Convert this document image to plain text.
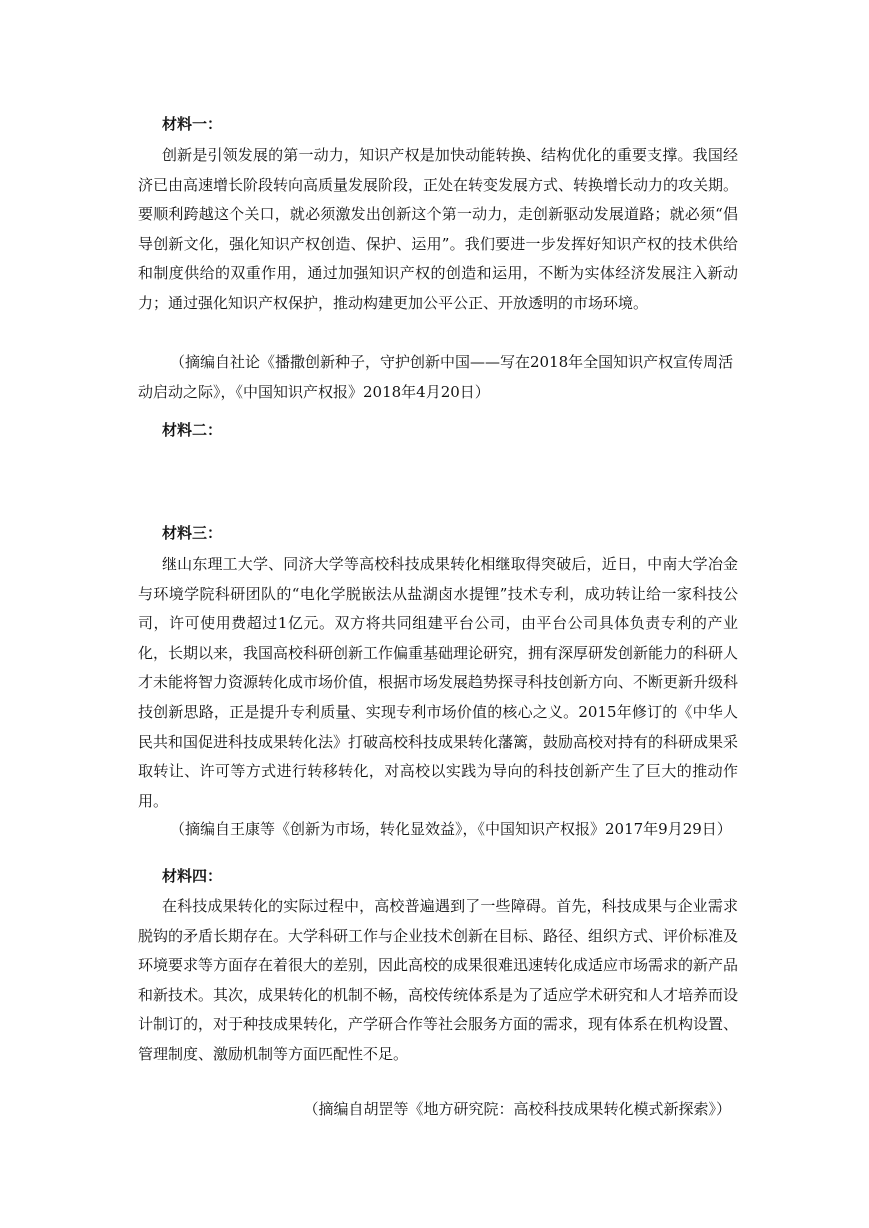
材料一：
创新是引领发展的第一动力，知识产权是加快动能转换、结构优化的重要支撑。我国经济已由高速增长阶段转向高质量发展阶段，正处在转变发展方式、转换增长动力的攻关期。要顺利跨越这个关口，就必须激发出创新这个第一动力，走创新驱动发展道路；就必须“倡导创新文化，强化知识产权创造、保护、运用”。我们要进一步发挥好知识产权的技术供给和制度供给的双重作用，通过加强知识产权的创造和运用，不断为实体经济发展注入新动力；通过强化知识产权保护，推动构建更加公平公正、开放透明的市场环境。
（摘编自社论《播撒创新种子，守护创新中国——写在2018年全国知识产权宣传周活动启动之际》，《中国知识产权报》2018年4月20日）
材料二：
材料三：
继山东理工大学、同济大学等高校科技成果转化相继取得突破后，近日，中南大学冶金与环境学院科研团队的“电化学脱嵌法从盐湖卤水提锂”技术专利，成功转让给一家科技公司，许可使用费超过1亿元。双方将共同组建平台公司，由平台公司具体负责专利的产业化，长期以来，我国高校科研创新工作偏重基础理论研究，拥有深厚研发创新能力的科研人才未能将智力资源转化成市场价值，根据市场发展趋势探寻科技创新方向、不断更新升级科技创新思路，正是提升专利质量、实现专利市场价值的核心之义。2015年修订的《中华人民共和国促进科技成果转化法》打破高校科技成果转化藩篱，鼓励高校对持有的科研成果采取转让、许可等方式进行转移转化，对高校以实践为导向的科技创新产生了巨大的推动作用。
（摘编自王康等《创新为市场，转化显效益》，《中国知识产权报》2017年9月29日）
材料四：
在科技成果转化的实际过程中，高校普遍遇到了一些障碍。首先，科技成果与企业需求脱钩的矛盾长期存在。大学科研工作与企业技术创新在目标、路径、组织方式、评价标准及环境要求等方面存在着很大的差别，因此高校的成果很难迅速转化成适应市场需求的新产品和新技术。其次，成果转化的机制不畅，高校传统体系是为了适应学术研究和人才培养而设计制订的，对于种技成果转化，产学研合作等社会服务方面的需求，现有体系在机构设置、管理制度、激励机制等方面匹配性不足。
（摘编自胡罡等《地方研究院：高校科技成果转化模式新探索》）
